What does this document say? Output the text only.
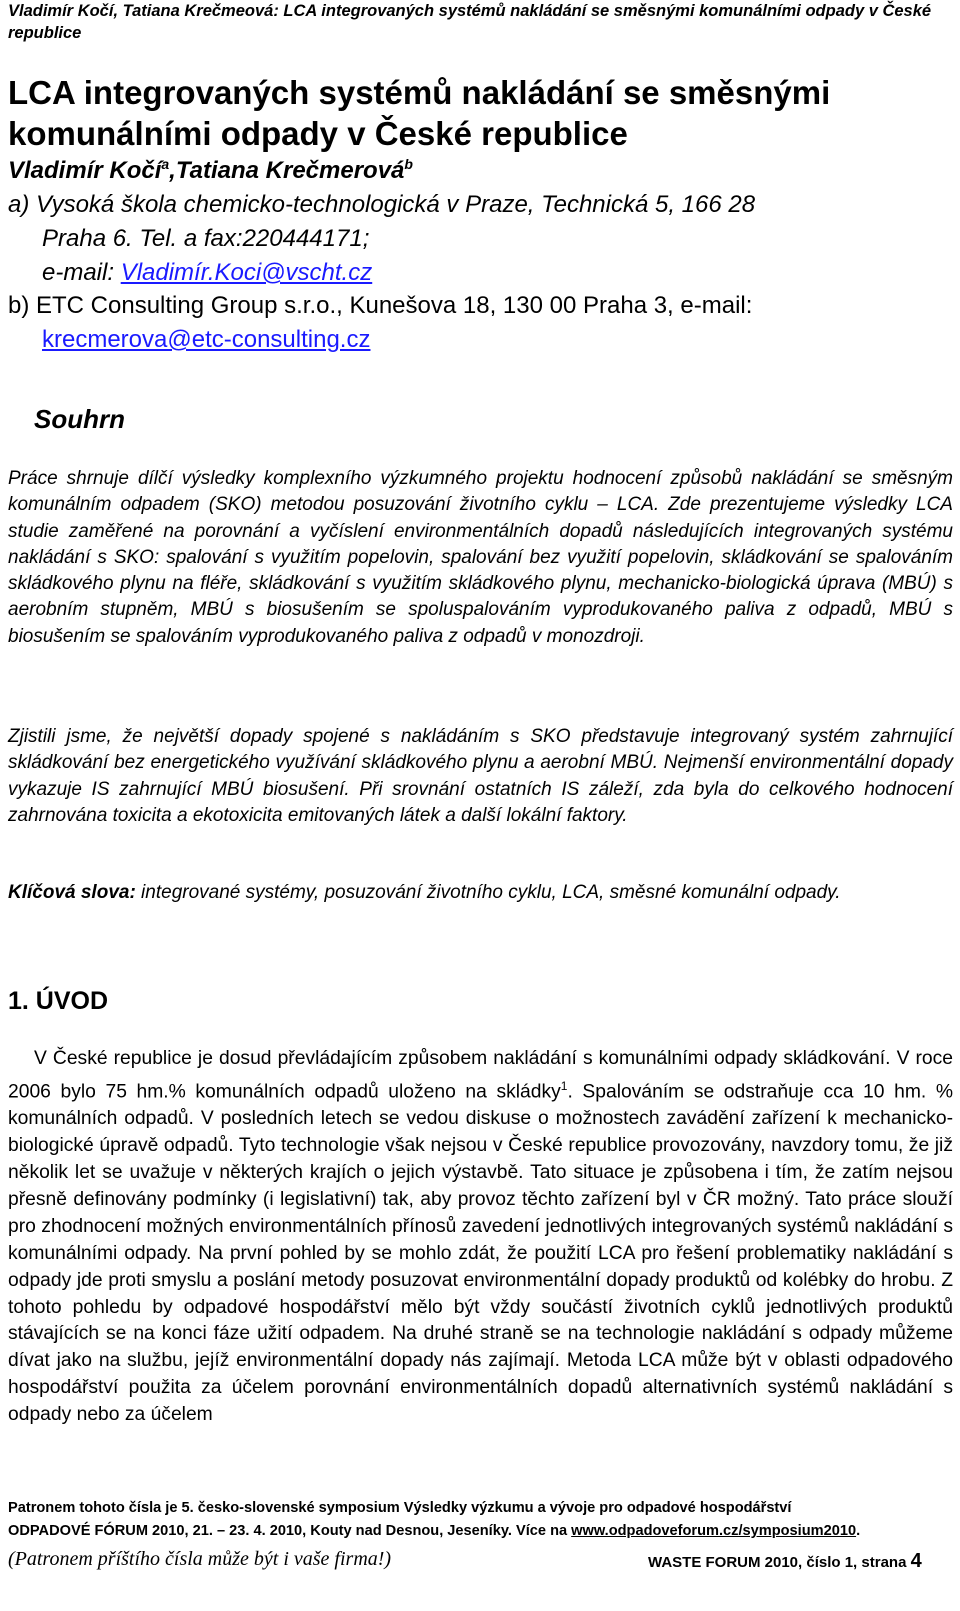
Vladimír Kočí, Tatiana Krečmeová: LCA integrovaných systémů nakládání se směsnými komunálními odpady v České republice
LCA integrovaných systémů nakládání se směsnými komunálními odpady v České republice
Vladimír Kočí$^a$,Tatiana Krečmerová$^b$
a) Vysoká škola chemicko-technologická v Praze, Technická 5, 166 28
Praha 6. Tel. a fax:220444171;
e-mail: Vladimír.Koci@vscht.cz
b) ETC Consulting Group s.r.o., Kunešova 18, 130 00 Praha 3, e-mail:
krecmerova@etc-consulting.cz
Souhrn
Práce shrnuje dílčí výsledky komplexního výzkumného projektu hodnocení způsobů nakládání se směsným komunálním odpadem (SKO) metodou posuzování životního cyklu – LCA. Zde prezentujeme výsledky LCA studie zaměřené na porovnání a vyčíslení environmentálních dopadů následujících integrovaných systému nakládání s SKO: spalování s využitím popelovin, spalování bez využití popelovin, skládkování se spalováním skládkového plynu na fléře, skládkování s využitím skládkového plynu, mechanicko-biologická úprava (MBÚ) s aerobním stupněm, MBÚ s biosušením se spoluspalováním vyprodukovaného paliva z odpadů, MBÚ s biosušením se spalováním vyprodukovaného paliva z odpadů v monozdroji.
Zjistili jsme, že největší dopady spojené s nakládáním s SKO představuje integrovaný systém zahrnující skládkování bez energetického využívání skládkového plynu a aerobní MBÚ. Nejmenší environmentální dopady vykazuje IS zahrnující MBÚ biosušení. Při srovnání ostatních IS záleží, zda byla do celkového hodnocení zahrnována toxicita a ekotoxicita emitovaných látek a další lokální faktory.
Klíčová slova: integrované systémy, posuzování životního cyklu, LCA, směsné komunální odpady.
1. ÚVOD

V České republice je dosud převládajícím způsobem nakládání s komunálními odpady skládkování. V roce 2006 bylo 75 hm.% komunálních odpadů uloženo na skládky$^1$. Spalováním se odstraňuje cca 10 hm. % komunálních odpadů. V posledních letech se vedou diskuse o možnostech zavádění zařízení k mechanicko-biologické úpravě odpadů. Tyto technologie však nejsou v České republice provozovány, navzdory tomu, že již několik let se uvažuje v některých krajích o jejich výstavbě. Tato situace je způsobena i tím, že zatím nejsou přesně definovány podmínky (i legislativní) tak, aby provoz těchto zařízení byl v ČR možný. Tato práce slouží pro zhodnocení možných environmentálních přínosů zavedení jednotlivých integrovaných systémů nakládání s komunálními odpady. Na první pohled by se mohlo zdát, že použití LCA pro řešení problematiky nakládání s odpady jde proti smyslu a poslání metody posuzovat environmentální dopady produktů od kolébky do hrobu. Z tohoto pohledu by odpadové hospodářství mělo být vždy součástí životních cyklů jednotlivých produktů stávajících se na konci fáze užití odpadem. Na druhé straně se na technologie nakládání s odpady můžeme dívat jako na službu, jejíž environmentální dopady nás zajímají. Metoda LCA může být v oblasti odpadového hospodářství použita za účelem porovnání environmentálních dopadů alternativních systémů nakládání s odpady nebo za účelem

Patronem tohoto čísla je 5. česko-slovenské symposium Výsledky výzkumu a vývoje pro odpadové hospodářství
ODPADOVÉ FÓRUM 2010, 21. – 23. 4. 2010, Kouty nad Desnou, Jeseníky. Více na www.odpadoveforum.cz/symposium2010.
(Patronem příštího čísla může být i vaše firma!)	WASTE FORUM 2010, číslo 1, strana 4
